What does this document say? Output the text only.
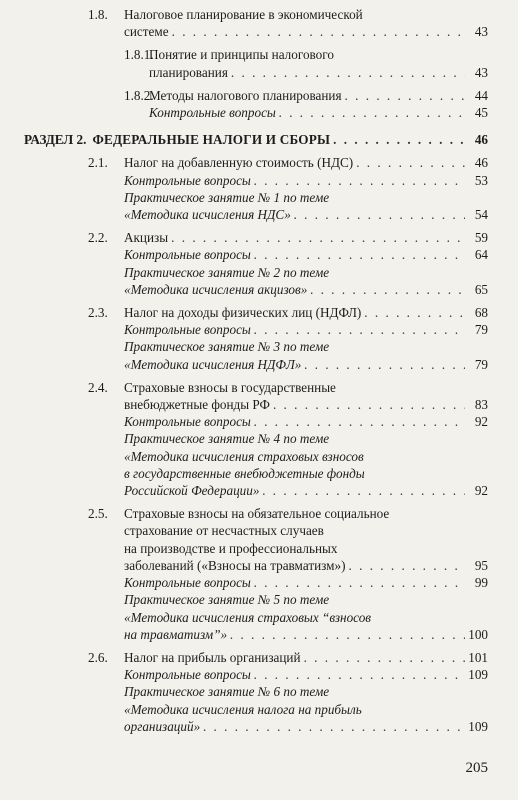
1.8. Налоговое планирование в экономической
системе . . .	43
1.8.1.
Понятие и принципы налогового
планирования . . .	43
1.8.2.
Методы налогового планирования . . .	44
Контрольные вопросы . . .	45
РАЗДЕЛ 2. ФЕДЕРАЛЬНЫЕ НАЛОГИ И СБОРЫ . . .	46
2.1. Налог на добавленную стоимость (НДС) . . .	46
Контрольные вопросы . . .	53
Практическое занятие № 1 по теме
«Методика исчисления НДС» . . .	54
2.2. Акцизы . . .	59
Контрольные вопросы . . .	64
Практическое занятие № 2 по теме
«Методика исчисления акцизов» . . .	65
2.3. Налог на доходы физических лиц (НДФЛ) . . .	68
Контрольные вопросы . . .	79
Практическое занятие № 3 по теме
«Методика исчисления НДФЛ» . . .	79
2.4. Страховые взносы в государственные
внебюджетные фонды РФ . . .	83
Контрольные вопросы . . .	92
Практическое занятие № 4 по теме
«Методика исчисления страховых взносов
в государственные внебюджетные фонды
Российской Федерации» . . .	92
2.5. Страховые взносы на обязательное социальное
страхование от несчастных случаев
на производстве и профессиональных
заболеваний («Взносы на травматизм») . . .	95
Контрольные вопросы . . .	99
Практическое занятие № 5 по теме
«Методика исчисления страховых “взносов
на травматизм”» . . .	100
2.6. Налог на прибыль организаций . . .	101
Контрольные вопросы . . .	109
Практическое занятие № 6 по теме
«Методика исчисления налога на прибыль
организаций» . . .	109
205
